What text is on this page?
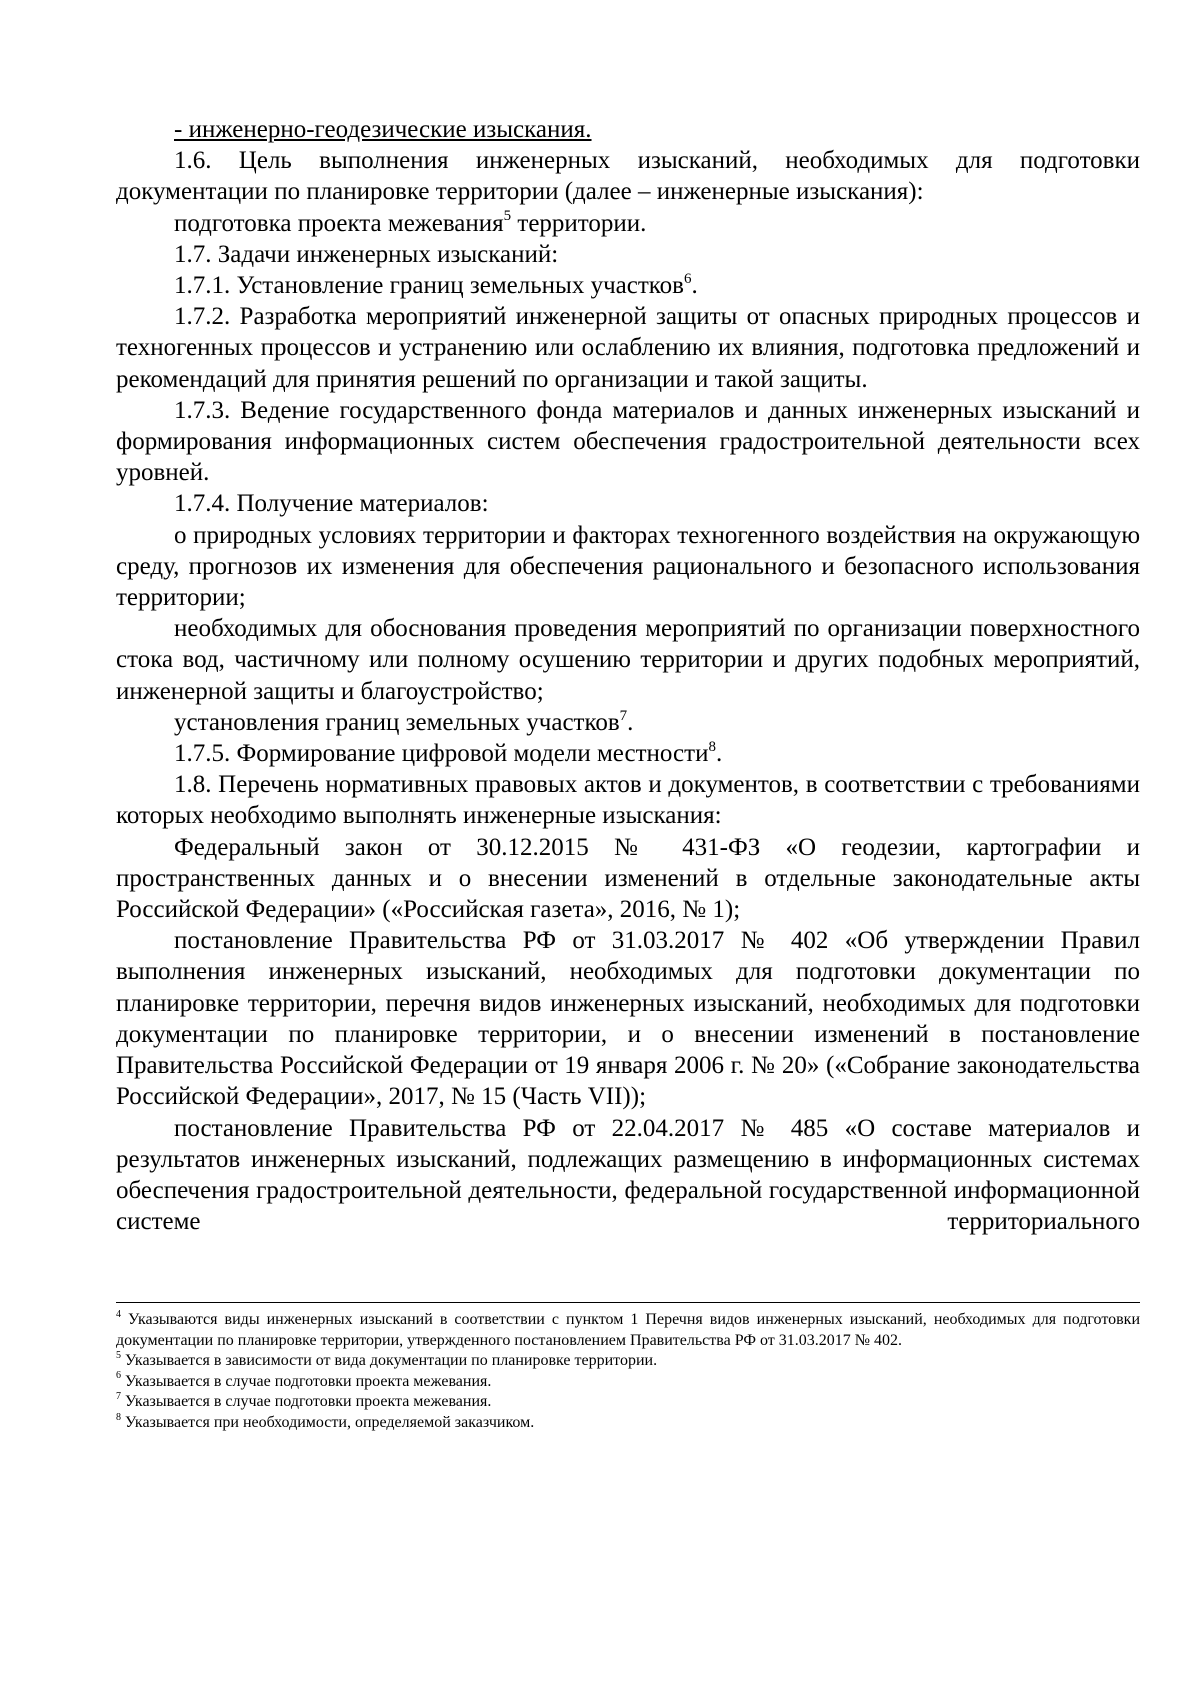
- инженерно-геодезические изыскания.

1.6. Цель выполнения инженерных изысканий, необходимых для подготовки документации по планировке территории (далее – инженерные изыскания):

подготовка проекта межевания$^5$ территории.

1.7. Задачи инженерных изысканий:

1.7.1. Установление границ земельных участков$^6$.

1.7.2. Разработка мероприятий инженерной защиты от опасных природных процессов и техногенных процессов и устранению или ослаблению их влияния, подготовка предложений и рекомендаций для принятия решений по организации и такой защиты.

1.7.3. Ведение государственного фонда материалов и данных инженерных изысканий и формирования информационных систем обеспечения градостроительной деятельности всех уровней.

1.7.4. Получение материалов:

о природных условиях территории и факторах техногенного воздействия на окружающую среду, прогнозов их изменения для обеспечения рационального и безопасного использования территории;

необходимых для обоснования проведения мероприятий по организации поверхностного стока вод, частичному или полному осушению территории и других подобных мероприятий, инженерной защиты и благоустройство;

установления границ земельных участков$^7$.

1.7.5. Формирование цифровой модели местности$^8$.

1.8. Перечень нормативных правовых актов и документов, в соответствии с требованиями которых необходимо выполнять инженерные изыскания:

Федеральный закон от 30.12.2015 № 431-ФЗ «О геодезии, картографии и пространственных данных и о внесении изменений в отдельные законодательные акты Российской Федерации» («Российская газета», 2016, № 1);

постановление Правительства РФ от 31.03.2017 № 402 «Об утверждении Правил выполнения инженерных изысканий, необходимых для подготовки документации по планировке территории, перечня видов инженерных изысканий, необходимых для подготовки документации по планировке территории, и о внесении изменений в постановление Правительства Российской Федерации от 19 января 2006 г. № 20» («Собрание законодательства Российской Федерации», 2017, № 15 (Часть VII));

постановление Правительства РФ от 22.04.2017 № 485 «О составе материалов и результатов инженерных изысканий, подлежащих размещению в информационных системах обеспечения градостроительной деятельности, федеральной государственной информационной системе территориального

$^4$ Указываются виды инженерных изысканий в соответствии с пунктом 1 Перечня видов инженерных изысканий, необходимых для подготовки документации по планировке территории, утвержденного постановлением Правительства РФ от 31.03.2017 № 402.

$^5$ Указывается в зависимости от вида документации по планировке территории.

$^6$ Указывается в случае подготовки проекта межевания.

$^7$ Указывается в случае подготовки проекта межевания.

$^8$ Указывается при необходимости, определяемой заказчиком.
